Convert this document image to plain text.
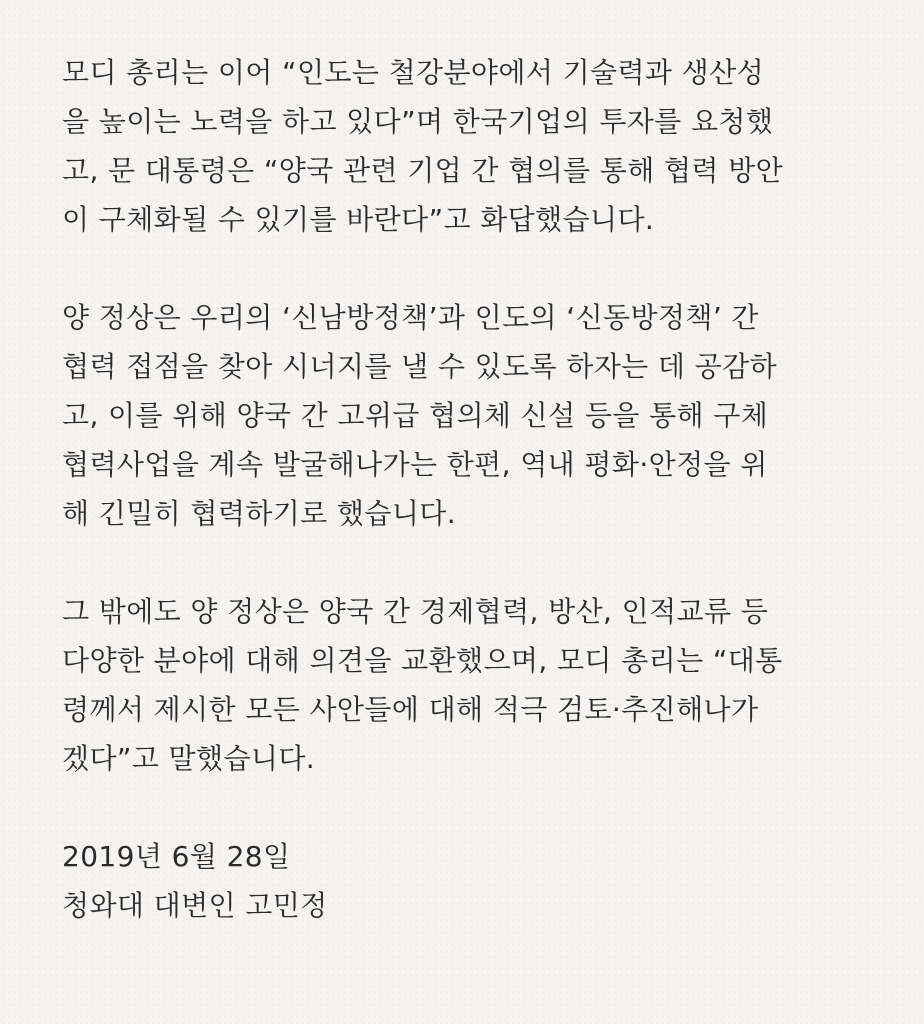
모디 총리는 이어 “인도는 철강분야에서 기술력과 생산성
을 높이는 노력을 하고 있다”며 한국기업의 투자를 요청했
고, 문 대통령은 “양국 관련 기업 간 협의를 통해 협력 방안
이 구체화될 수 있기를 바란다”고 화답했습니다.
양 정상은 우리의 ‘신남방정책’과 인도의 ‘신동방정책’ 간
협력 접점을 찾아 시너지를 낼 수 있도록 하자는 데 공감하
고, 이를 위해 양국 간 고위급 협의체 신설 등을 통해 구체
협력사업을 계속 발굴해나가는 한편, 역내 평화·안정을 위
해 긴밀히 협력하기로 했습니다.
그 밖에도 양 정상은 양국 간 경제협력, 방산, 인적교류 등
다양한 분야에 대해 의견을 교환했으며, 모디 총리는 “대통
령께서 제시한 모든 사안들에 대해 적극 검토·추진해나가
겠다”고 말했습니다.
2019년 6월 28일
청와대 대변인 고민정
